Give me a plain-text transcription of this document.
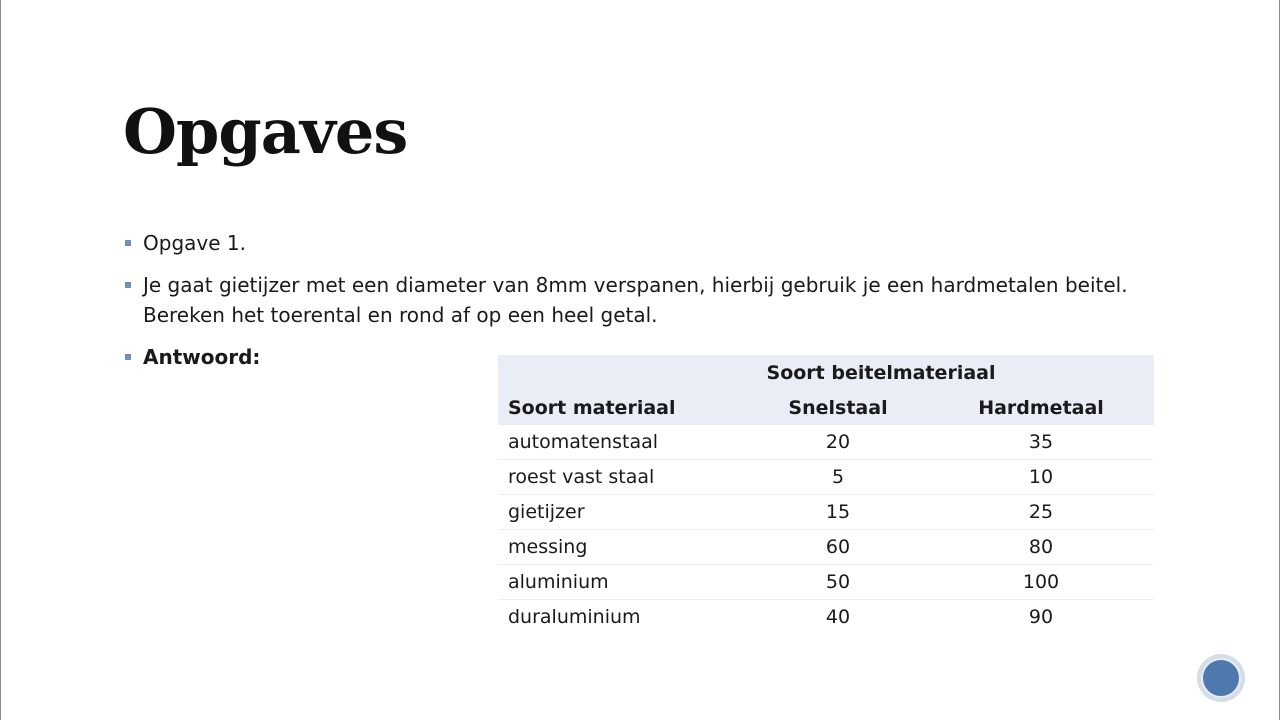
Opgaves
Opgave 1.
Je gaat gietijzer met een diameter van 8mm verspanen, hierbij gebruik je een hardmetalen beitel. Bereken het toerental en rond af op een heel getal.
Antwoord:
Soort beitelmateriaal		
Soort materiaal	Snelstaal	Hardmetaal
automatenstaal	20	35
roest vast staal	5	10
gietijzer	15	25
messing	60	80
aluminium	50	100
duraluminium	40	90
